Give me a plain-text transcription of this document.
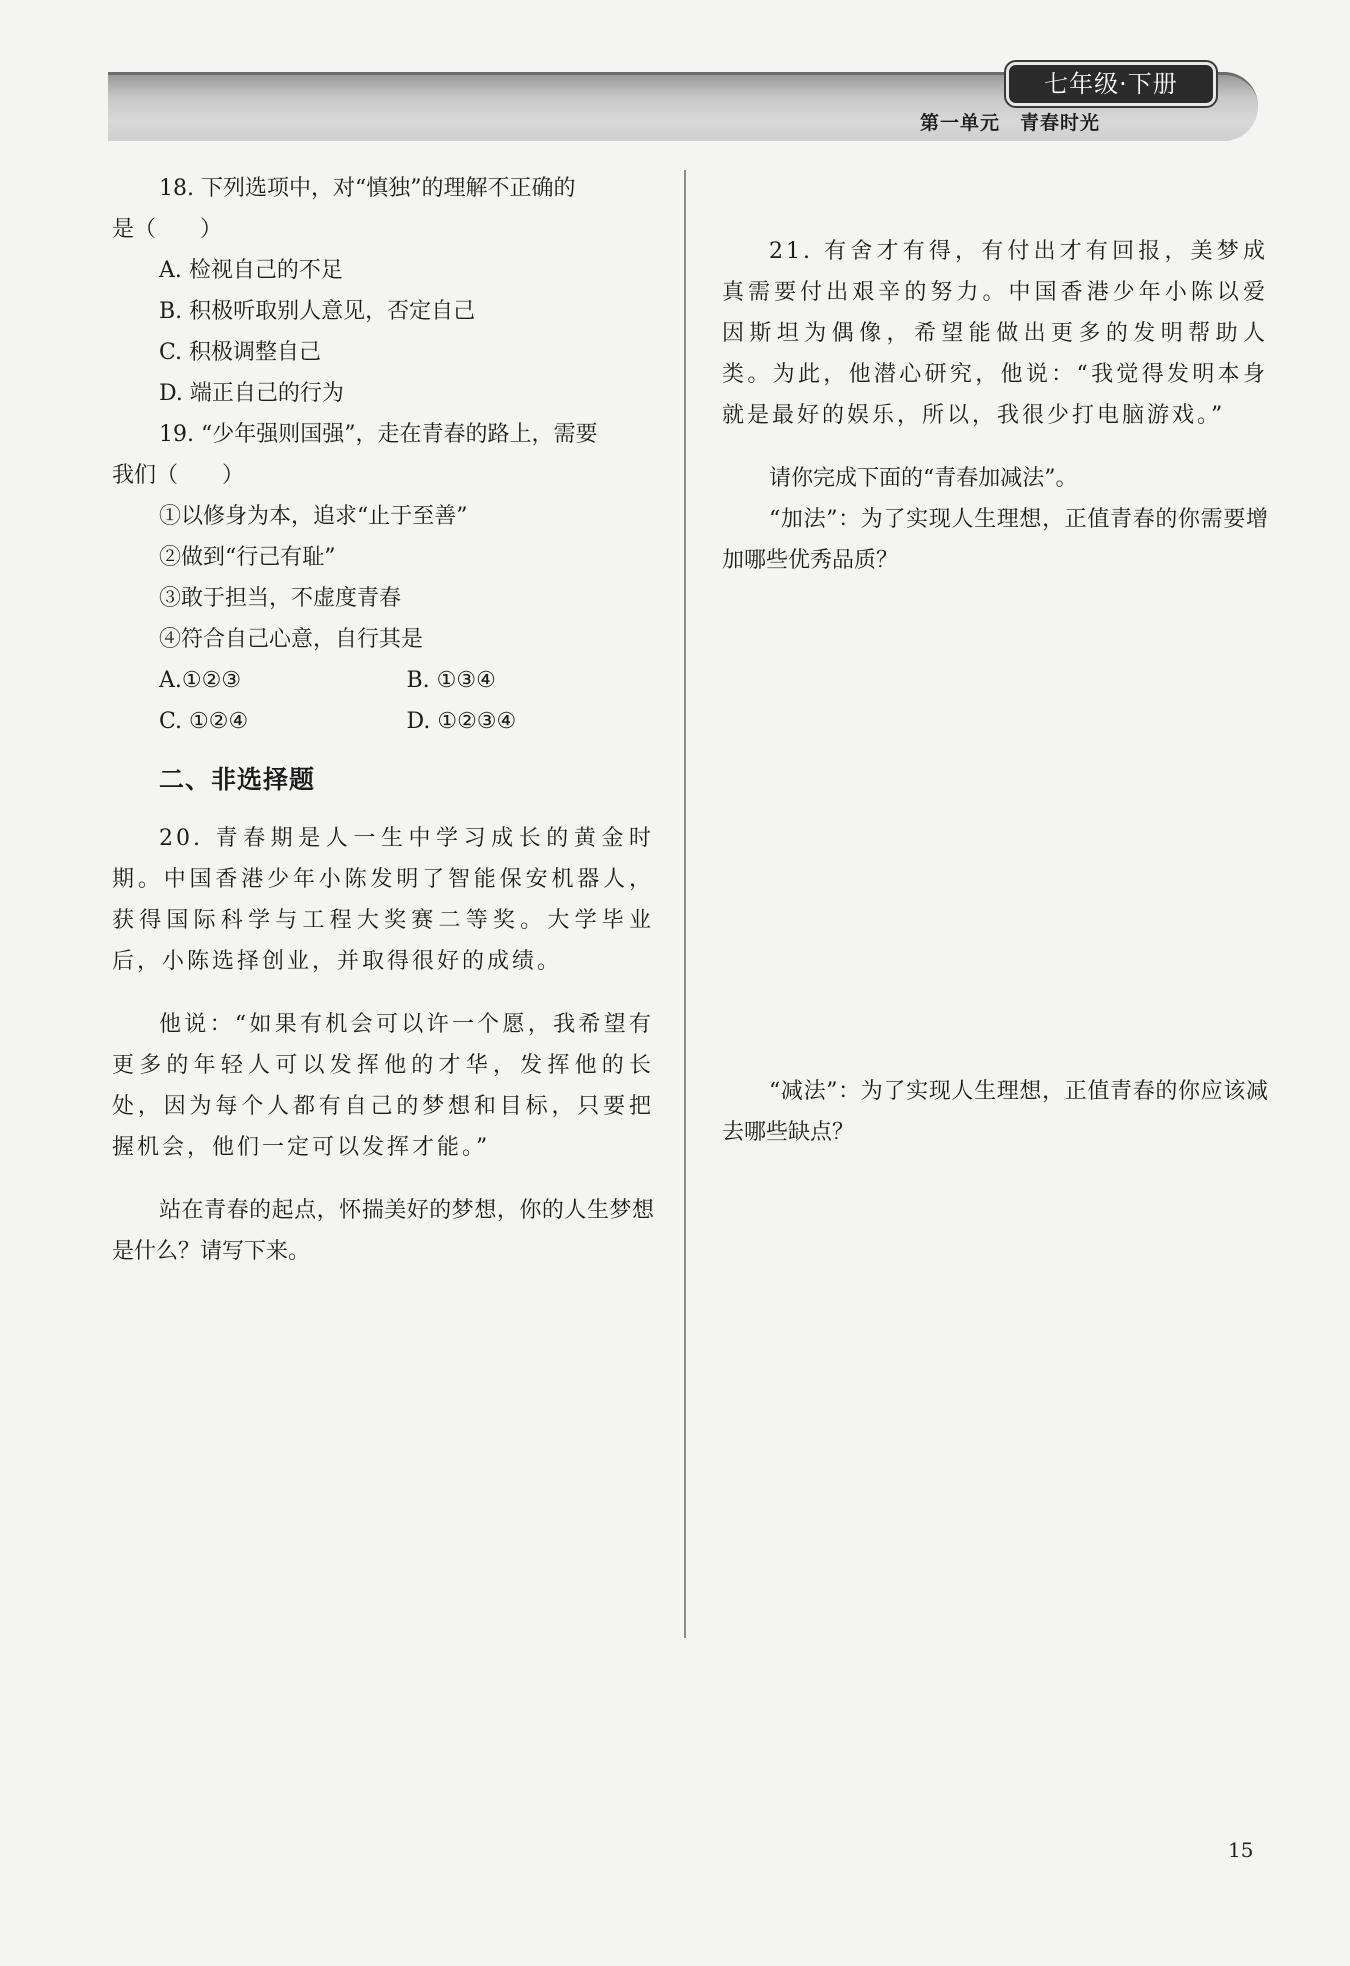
七年级·下册
第一单元　青春时光

18. 下列选项中，对“慎独”的理解不正确的

是（　　）

A. 检视自己的不足

B. 积极听取别人意见，否定自己

C. 积极调整自己

D. 端正自己的行为

19. “少年强则国强”，走在青春的路上，需要

我们（　　）

①以修身为本，追求“止于至善”

②做到“行己有耻”

③敢于担当，不虚度青春

④符合自己心意，自行其是

A.①②③	B. ①③④
C. ①②④	D. ①②③④
二、非选择题

20. 青春期是人一生中学习成长的黄金时期。中国香港少年小陈发明了智能保安机器人，获得国际科学与工程大奖赛二等奖。大学毕业后，小陈选择创业，并取得很好的成绩。

他说：“如果有机会可以许一个愿，我希望有更多的年轻人可以发挥他的才华，发挥他的长处，因为每个人都有自己的梦想和目标，只要把握机会，他们一定可以发挥才能。”

站在青春的起点，怀揣美好的梦想，你的人生梦想是什么？请写下来。

21. 有舍才有得，有付出才有回报，美梦成真需要付出艰辛的努力。中国香港少年小陈以爱因斯坦为偶像，希望能做出更多的发明帮助人类。为此，他潜心研究，他说：“我觉得发明本身就是最好的娱乐，所以，我很少打电脑游戏。”

请你完成下面的“青春加减法”。

“加法”：为了实现人生理想，正值青春的你需要增加哪些优秀品质？

“减法”：为了实现人生理想，正值青春的你应该减去哪些缺点？

15
